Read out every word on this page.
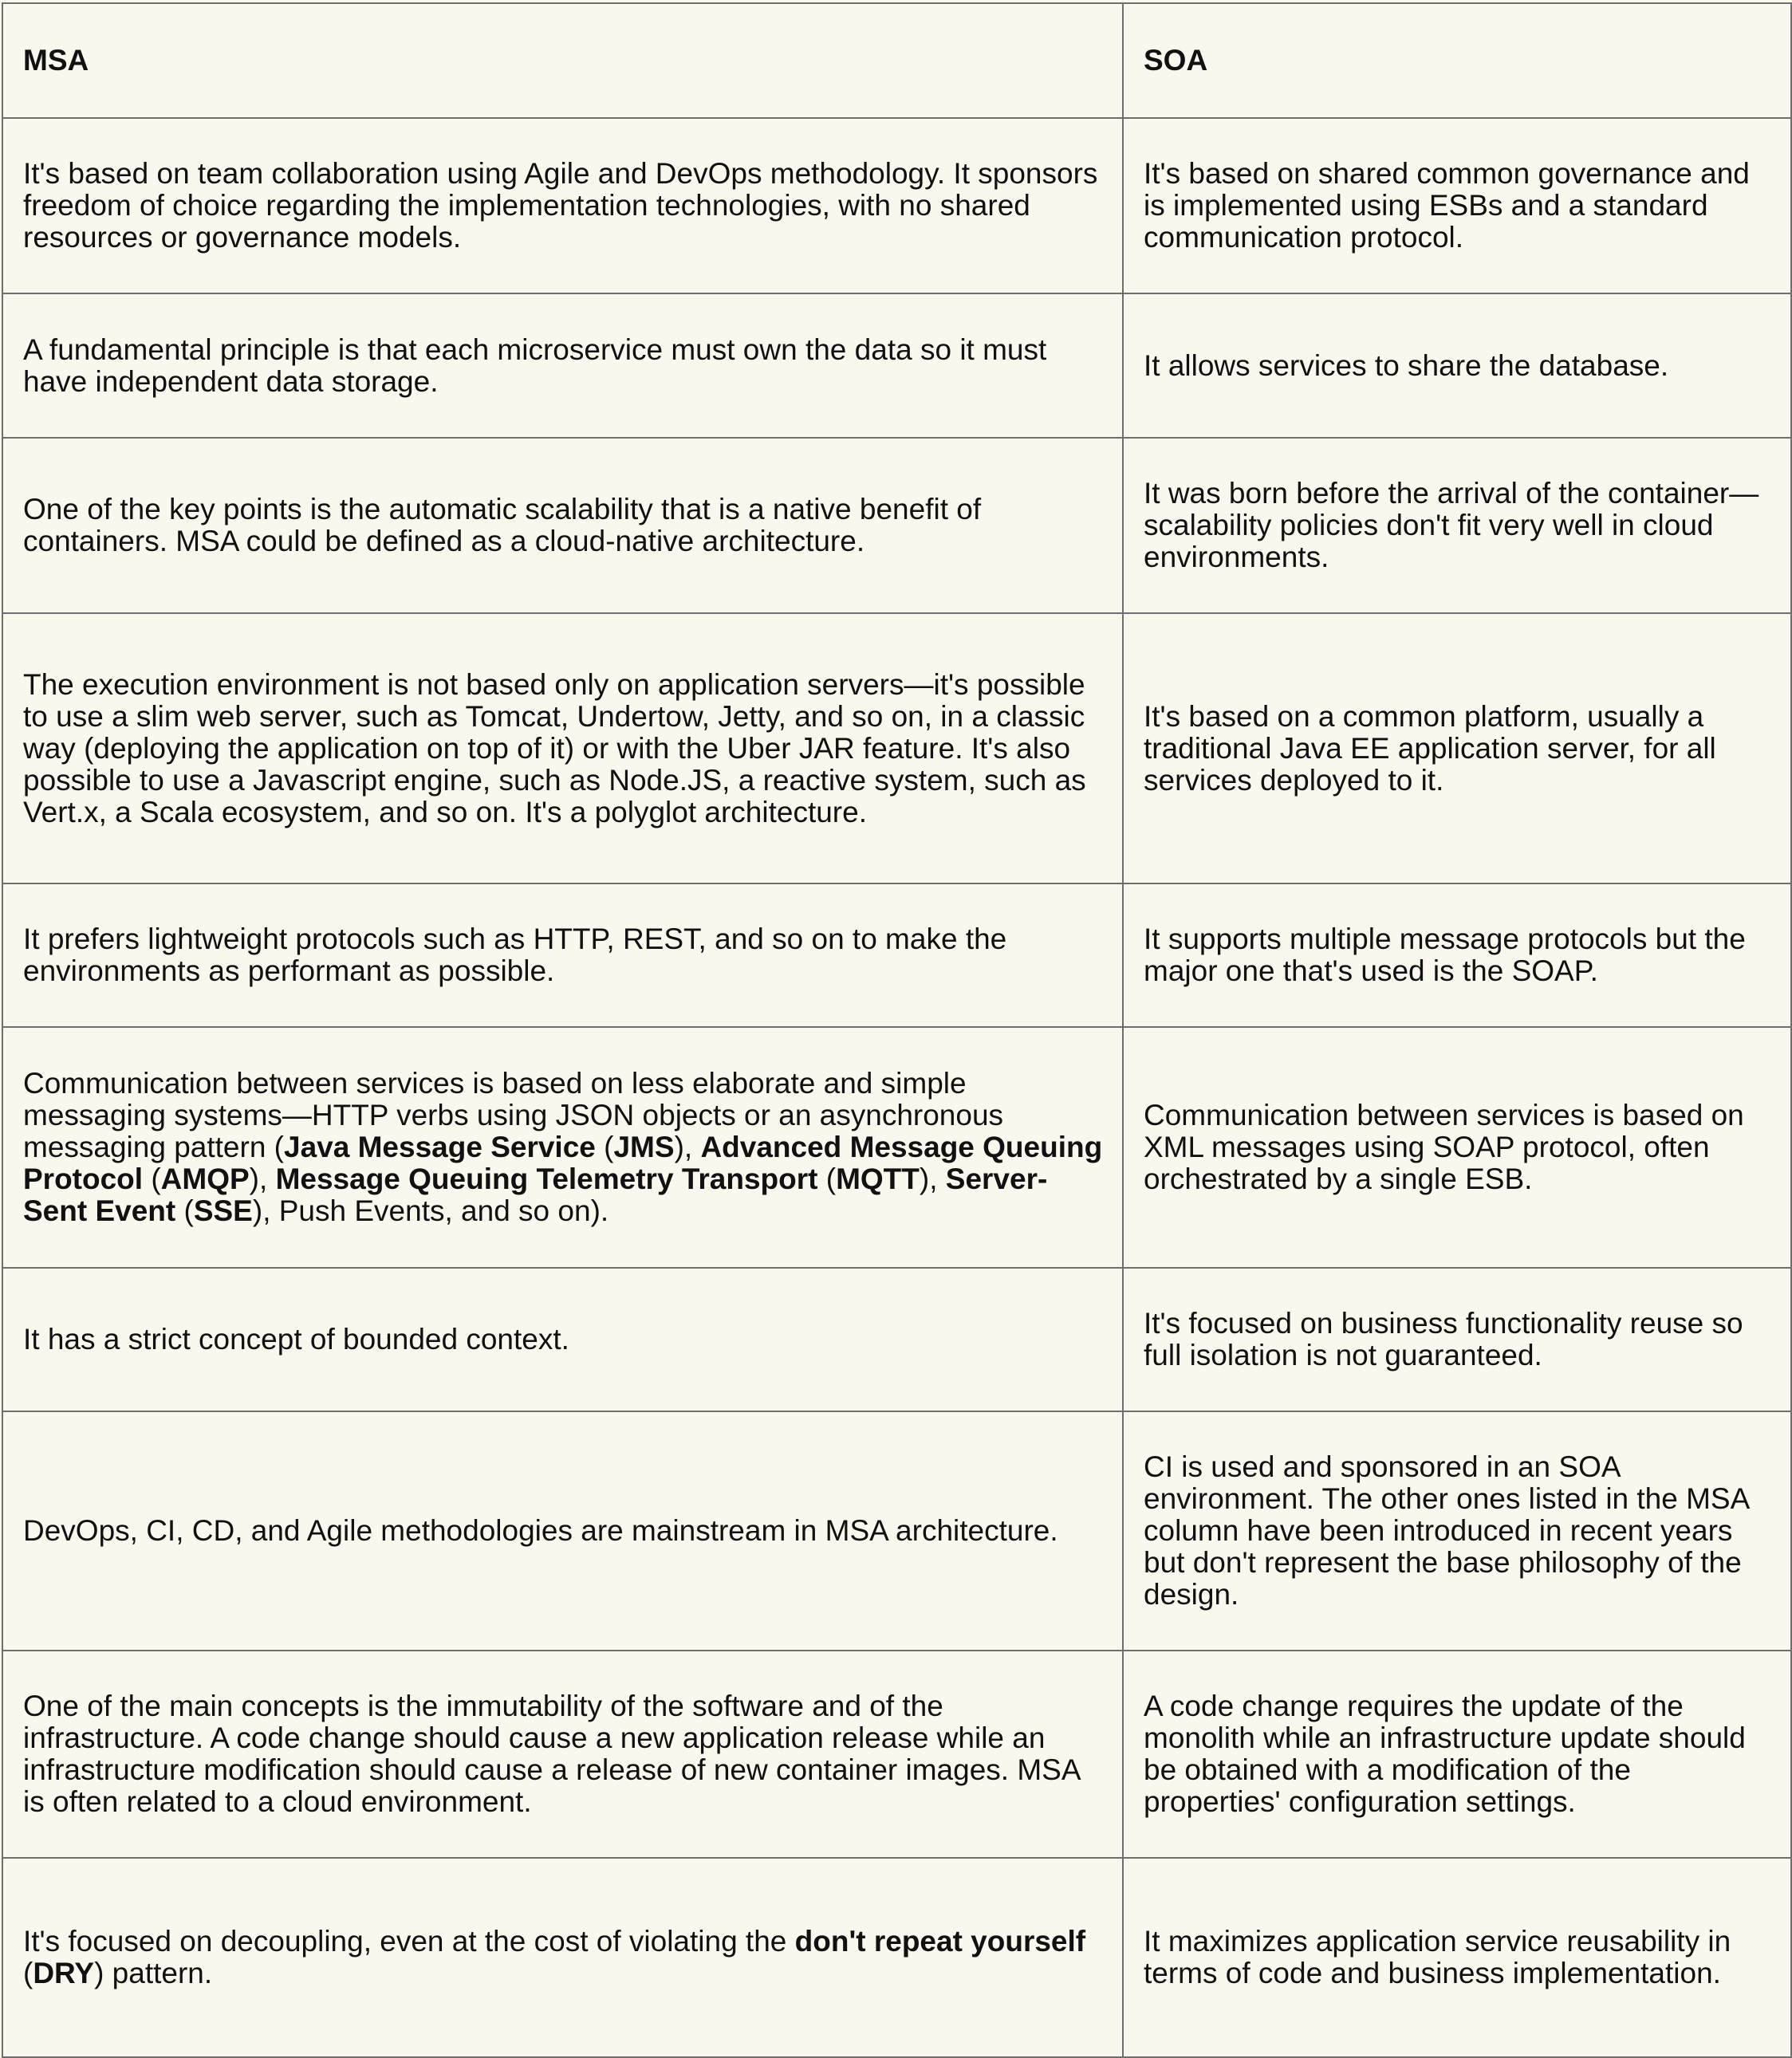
MSA	SOA
It's based on team collaboration using Agile and DevOps methodology. It sponsors freedom of choice regarding the implementation technologies, with no shared resources or governance models.	It's based on shared common governance and is implemented using ESBs and a standard communication protocol.
A fundamental principle is that each microservice must own the data so it must have independent data storage.	It allows services to share the database.
One of the key points is the automatic scalability that is a native benefit of containers. MSA could be defined as a cloud-native architecture.	It was born before the arrival of the container—scalability policies don't fit very well in cloud environments.
The execution environment is not based only on application servers—it's possible to use a slim web server, such as Tomcat, Undertow, Jetty, and so on, in a classic way (deploying the application on top of it) or with the Uber JAR feature. It's also possible to use a Javascript engine, such as Node.JS, a reactive system, such as Vert.x, a Scala ecosystem, and so on. It's a polyglot architecture.	It's based on a common platform, usually a traditional Java EE application server, for all services deployed to it.
It prefers lightweight protocols such as HTTP, REST, and so on to make the environments as performant as possible.	It supports multiple message protocols but the major one that's used is the SOAP.
Communication between services is based on less elaborate and simple messaging systems—HTTP verbs using JSON objects or an asynchronous messaging pattern (Java Message Service (JMS), Advanced Message Queuing Protocol (AMQP), Message Queuing Telemetry Transport (MQTT), Server-Sent Event (SSE), Push Events, and so on).	Communication between services is based on XML messages using SOAP protocol, often orchestrated by a single ESB.
It has a strict concept of bounded context.	It's focused on business functionality reuse so full isolation is not guaranteed.
DevOps, CI, CD, and Agile methodologies are mainstream in MSA architecture.	CI is used and sponsored in an SOA environment. The other ones listed in the MSA column have been introduced in recent years but don't represent the base philosophy of the design.
One of the main concepts is the immutability of the software and of the infrastructure. A code change should cause a new application release while an infrastructure modification should cause a release of new container images. MSA is often related to a cloud environment.	A code change requires the update of the monolith while an infrastructure update should be obtained with a modification of the properties' configuration settings.
It's focused on decoupling, even at the cost of violating the don't repeat yourself (DRY) pattern.	It maximizes application service reusability in terms of code and business implementation.
